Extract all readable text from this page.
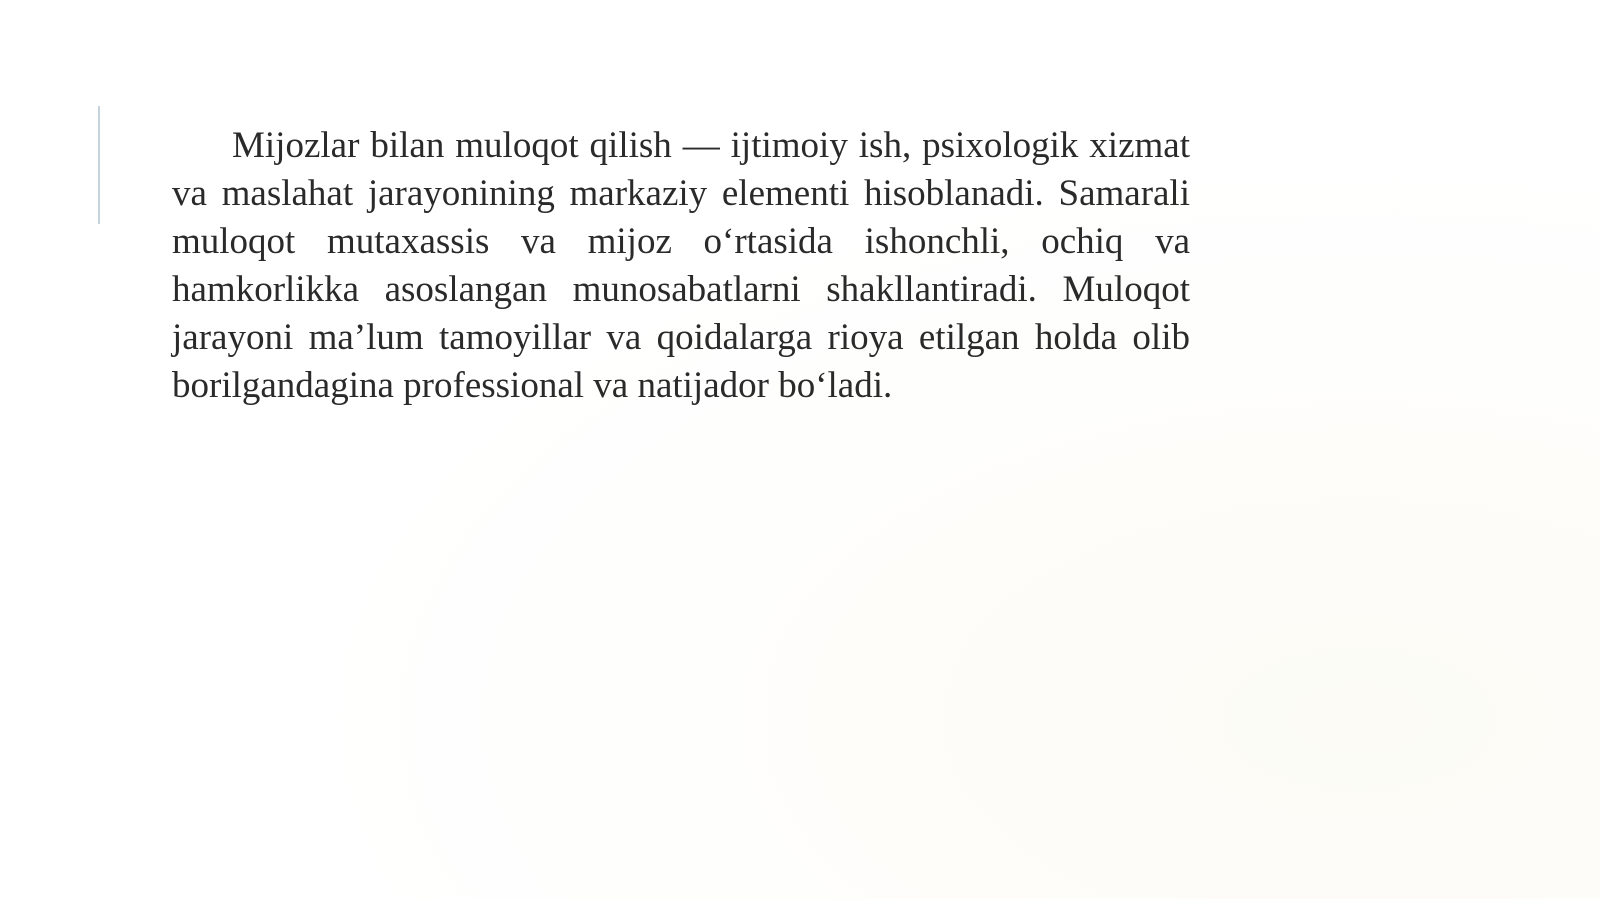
Mijozlar bilan muloqot qilish — ijtimoiy ish, psixologik xizmat va maslahat jarayonining markaziy elementi hisoblanadi. Samarali muloqot mutaxassis va mijoz oʻrtasida ishonchli, ochiq va hamkorlikka asoslangan munosabatlarni shakllantiradi. Muloqot jarayoni maʼlum tamoyillar va qoidalarga rioya etilgan holda olib borilgandagina professional va natijador boʻladi.
